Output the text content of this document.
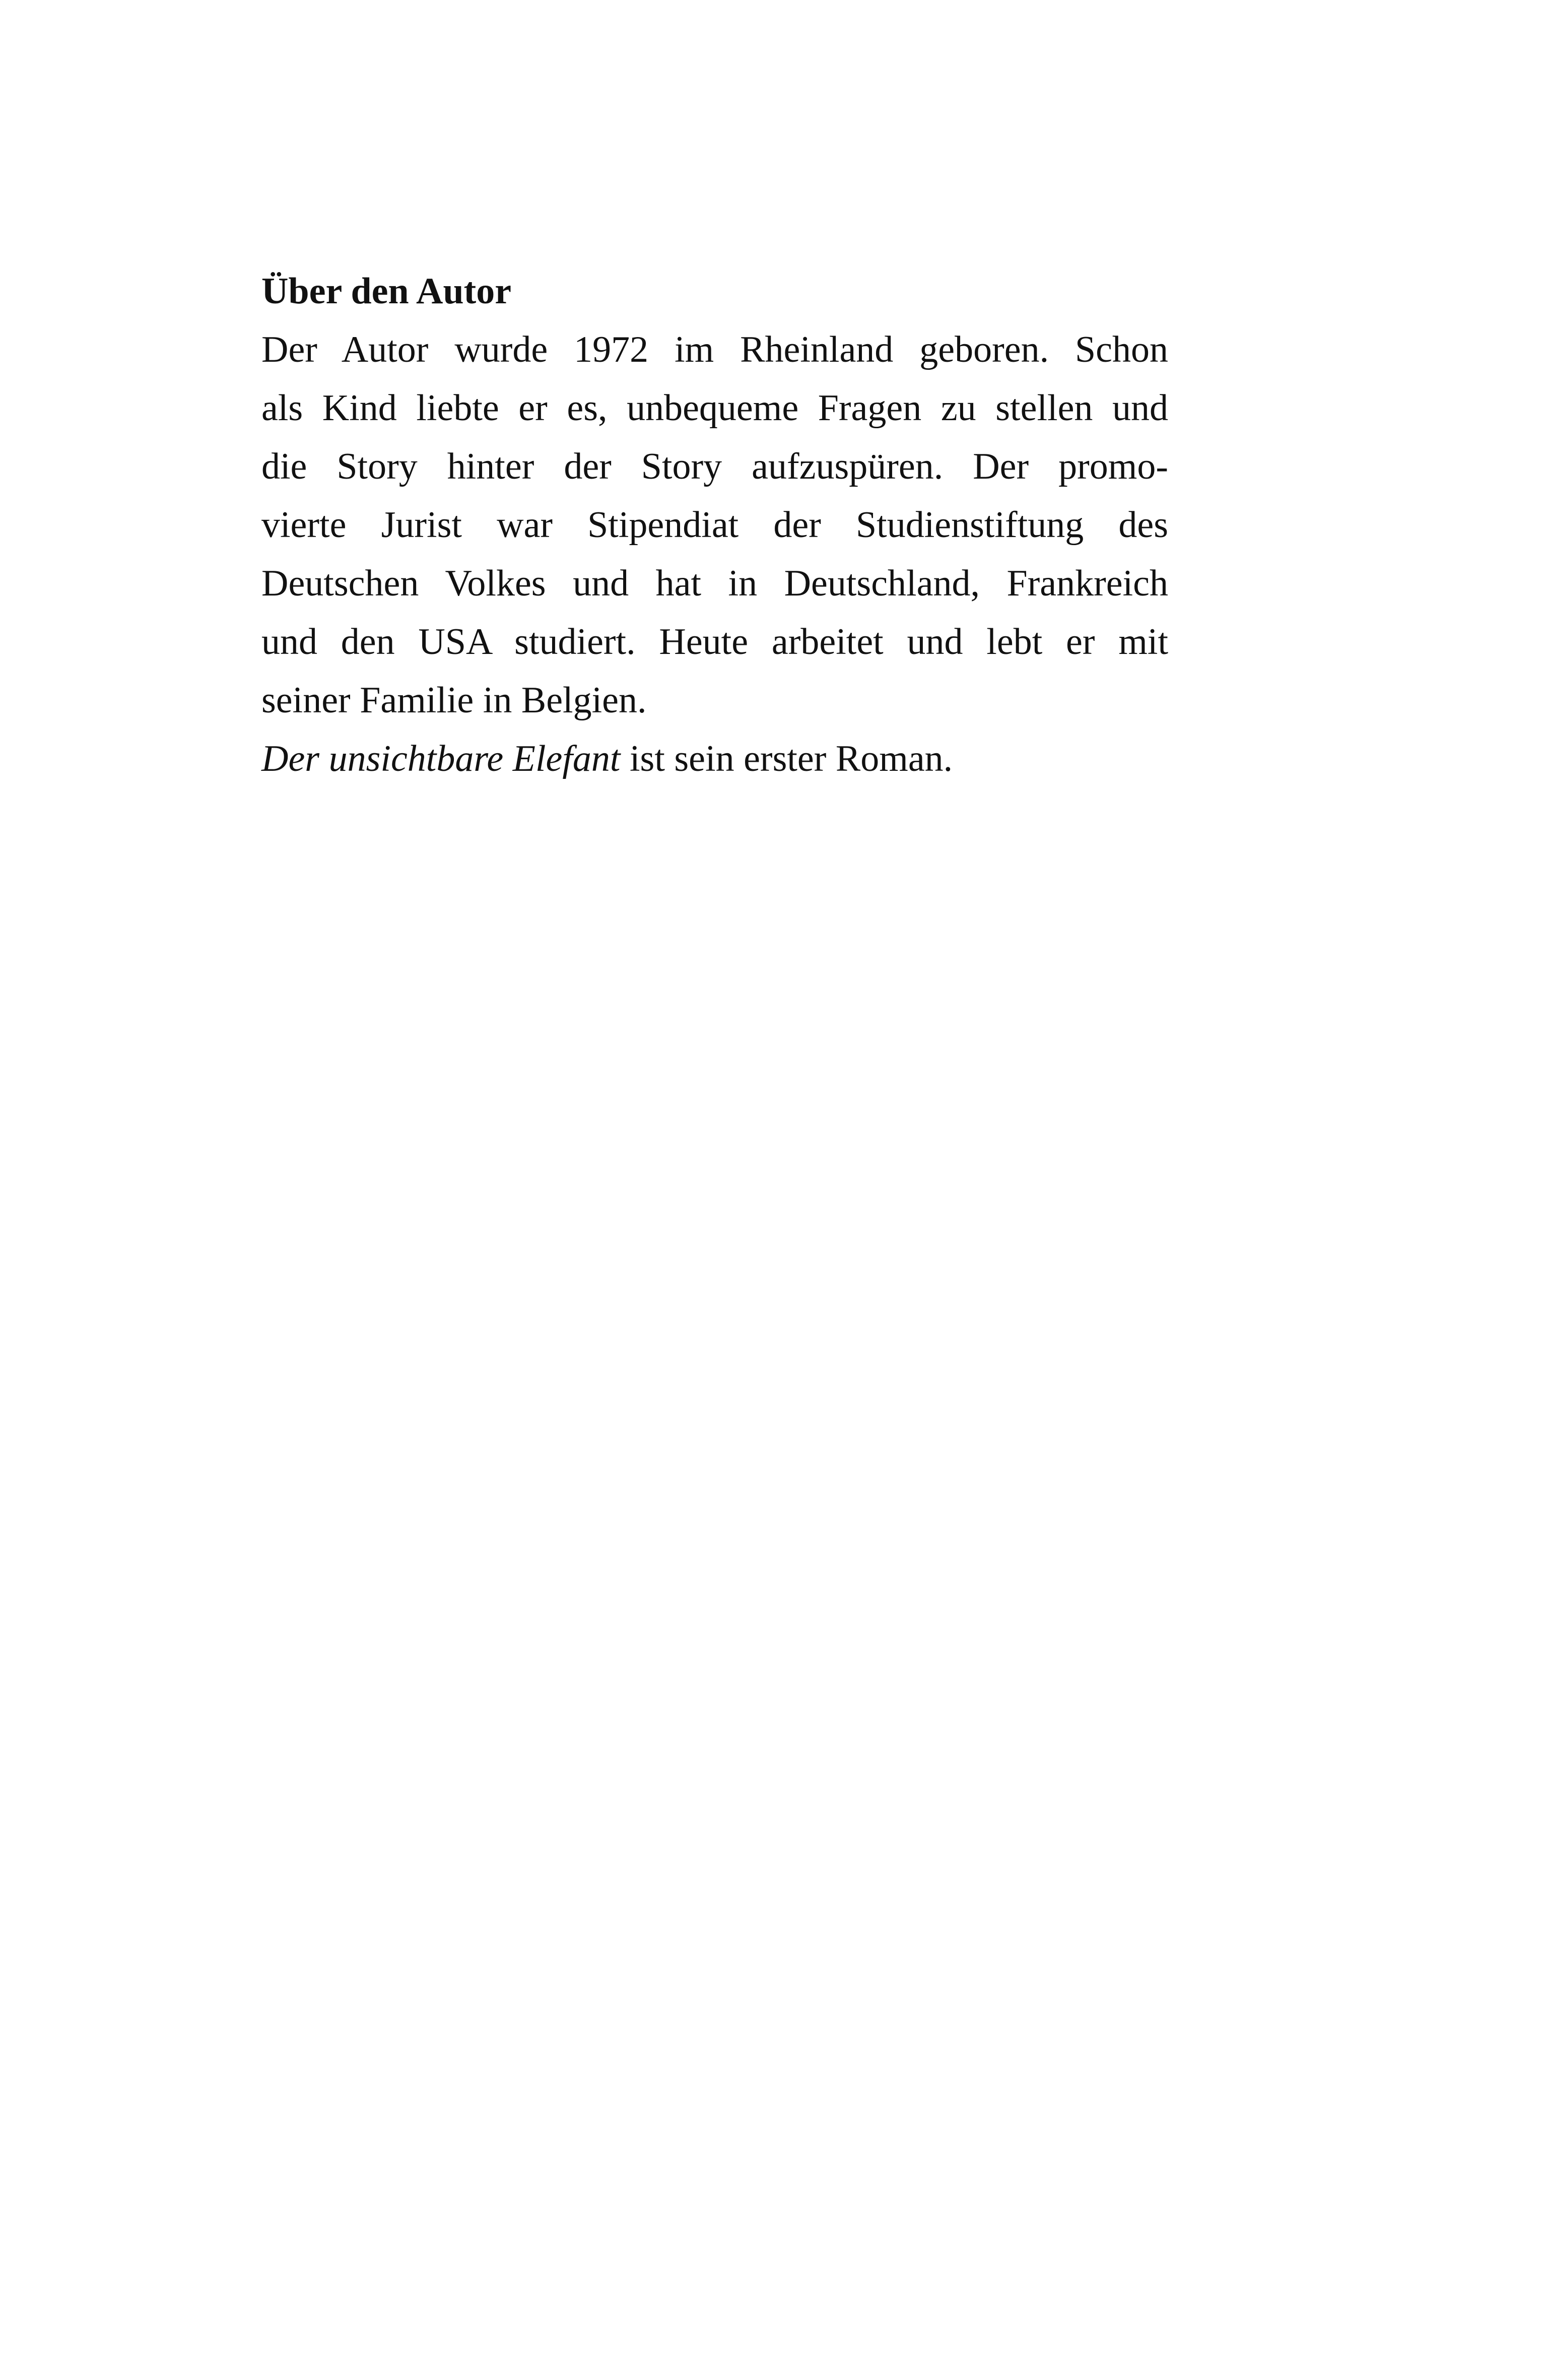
Über den Autor

Der Autor wurde 1972 im Rheinland geboren. Schon

als Kind liebte er es, unbequeme Fragen zu stellen und

die Story hinter der Story aufzuspüren. Der promo-

vierte Jurist war Stipendiat der Studienstiftung des

Deutschen Volkes und hat in Deutschland, Frankreich

und den USA studiert. Heute arbeitet und lebt er mit

seiner Familie in Belgien.

Der unsichtbare Elefant ist sein erster Roman.
